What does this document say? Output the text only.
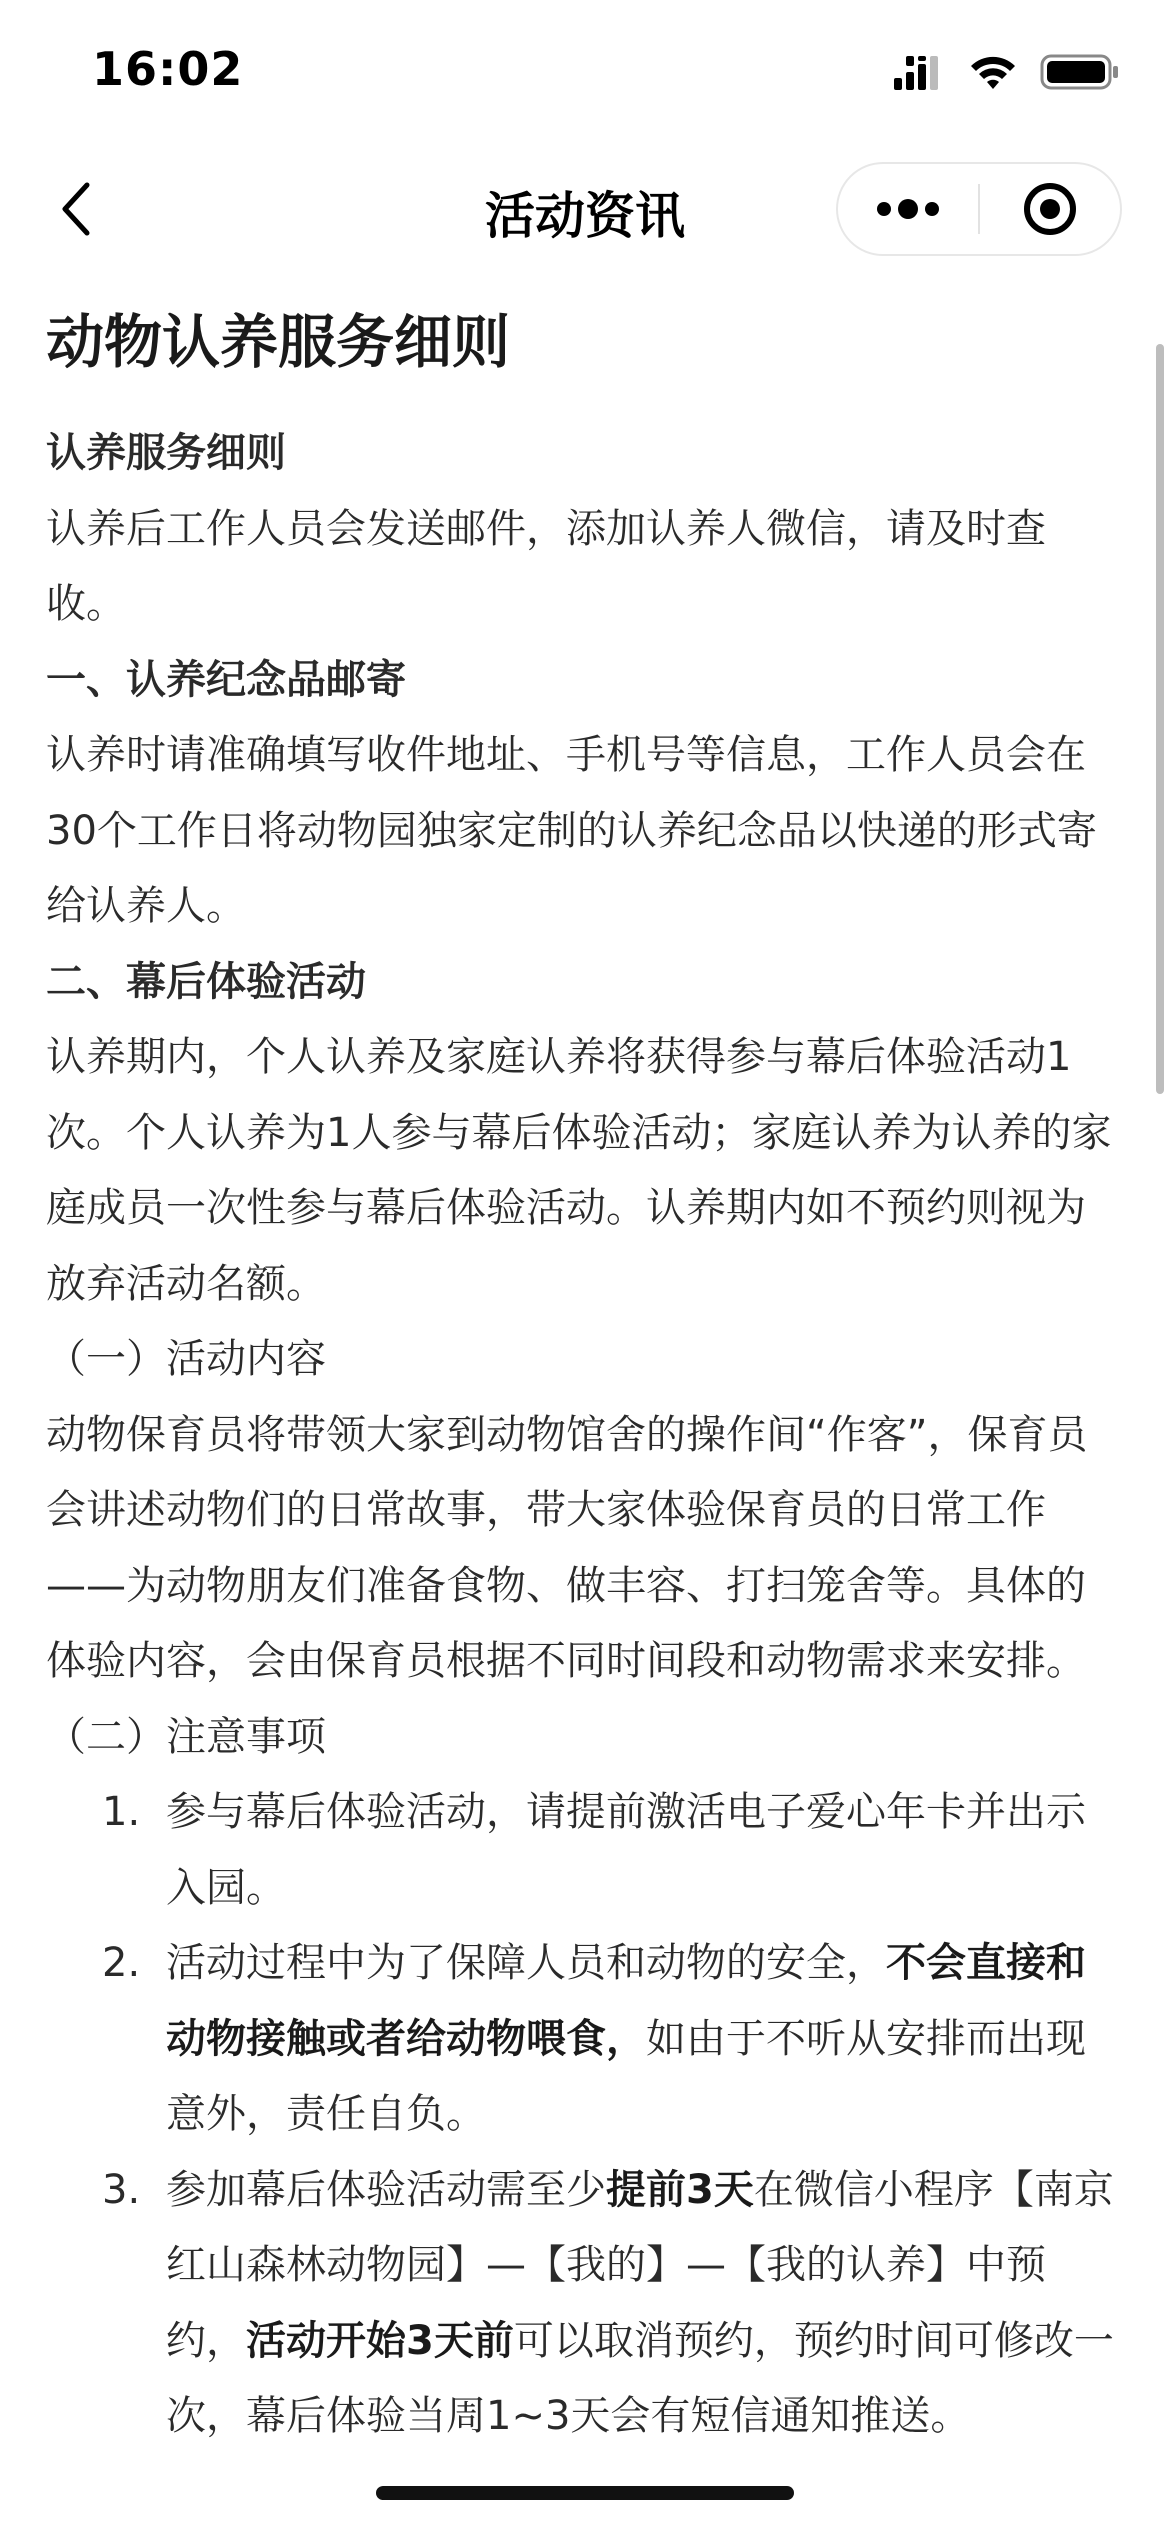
16:02
活动资讯
动物认养服务细则

认养服务细则

认养后工作人员会发送邮件，添加认养人微信，请及时查收。

一、认养纪念品邮寄

认养时请准确填写收件地址、手机号等信息，工作人员会在30个工作日将动物园独家定制的认养纪念品以快递的形式寄给认养人。

二、幕后体验活动

认养期内，个人认养及家庭认养将获得参与幕后体验活动1次。个人认养为1人参与幕后体验活动；家庭认养为认养的家庭成员一次性参与幕后体验活动。认养期内如不预约则视为放弃活动名额。

（一）活动内容

动物保育员将带领大家到动物馆舍的操作间“作客”，保育员会讲述动物们的日常故事，带大家体验保育员的日常工作——为动物朋友们准备食物、做丰容、打扫笼舍等。具体的体验内容，会由保育员根据不同时间段和动物需求来安排。

（二）注意事项

1. 参与幕后体验活动，请提前激活电子爱心年卡并出示入园。
2. 活动过程中为了保障人员和动物的安全，不会直接和动物接触或者给动物喂食，如由于不听从安排而出现意外，责任自负。
3. 参加幕后体验活动需至少提前3天在微信小程序【南京红山森林动物园】—【我的】—【我的认养】中预约，活动开始3天前可以取消预约，预约时间可修改一次，幕后体验当周1~3天会有短信通知推送。
